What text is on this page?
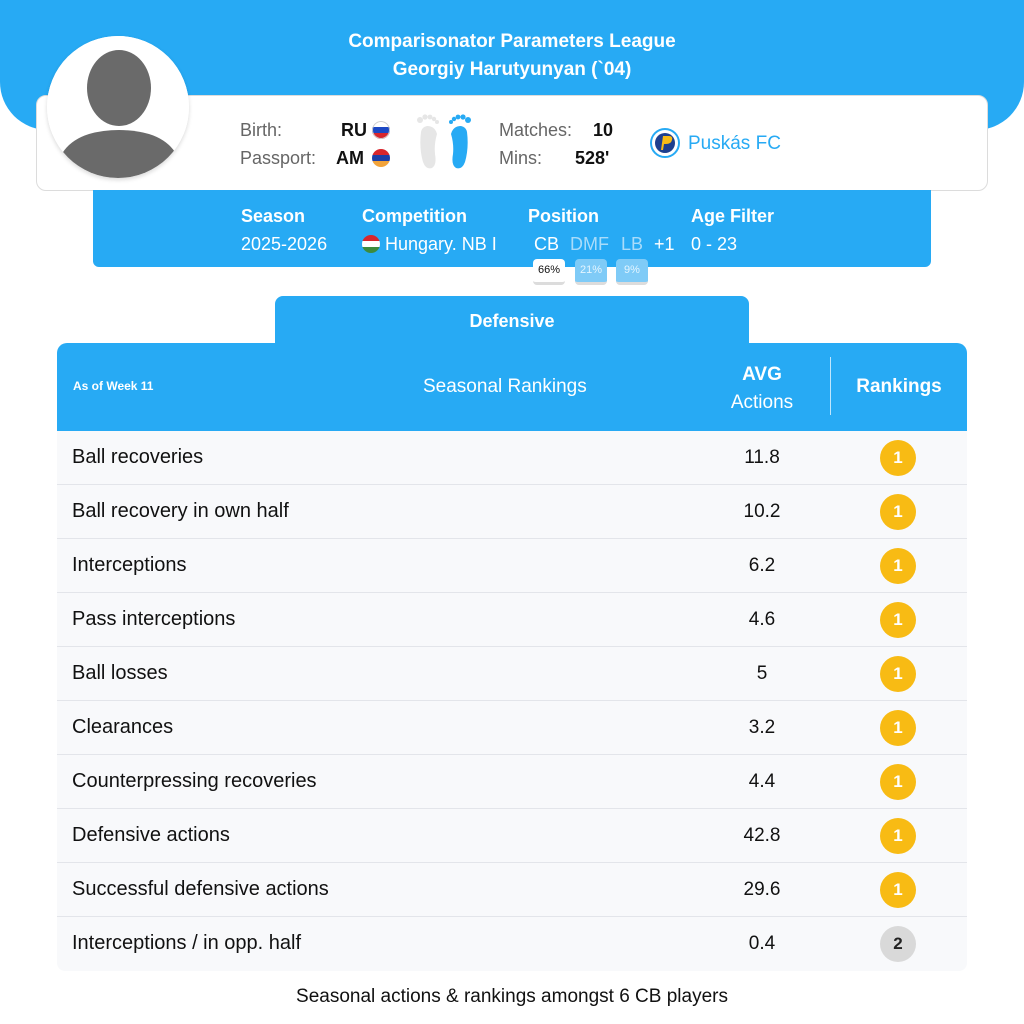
Comparisonator Parameters League
Georgiy Harutyunyan (`04)
Birth:	RU
Passport: AM
Matches: 10
Mins: 528'
Puskás FC
Season
2025-2026
Competition
Hungary. NB I
Position
CB DMF LB +1
66%	21%	9%
Age Filter
0 - 23
Defensive
As of Week 11	Seasonal Rankings
AVG
Actions
Rankings
Ball recoveries	11.8	1
Ball recovery in own half	10.2	1
Interceptions	6.2	1
Pass interceptions	4.6	1
Ball losses	5	1
Clearances	3.2	1
Counterpressing recoveries	4.4	1
Defensive actions	42.8	1
Successful defensive actions	29.6	1
Interceptions / in opp. half	0.4	2
Seasonal actions & rankings amongst 6 CB players
